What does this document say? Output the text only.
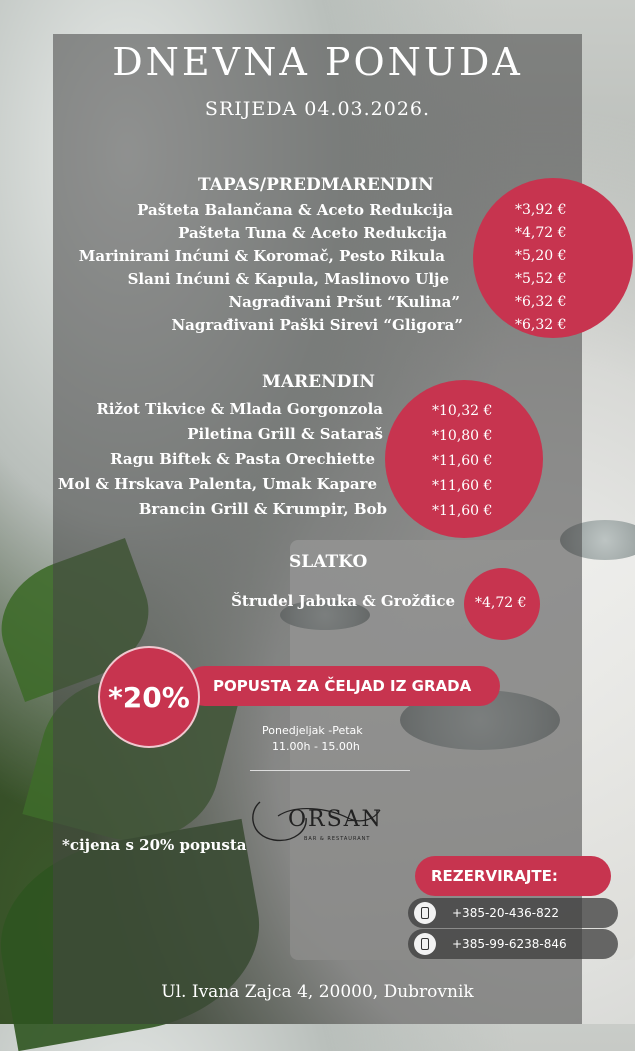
DNEVNA PONUDA
SRIJEDA 04.03.2026.
TAPAS/PREDMARENDIN
Pašteta Balančana & Aceto Redukcija
Pašteta Tuna & Aceto Redukcija
Marinirani Inćuni & Koromač, Pesto Rikula
Slani Inćuni & Kapula, Maslinovo Ulje
Nagrađivani Pršut “Kulina”
Nagrađivani Paški Sirevi “Gligora”
*3,92 €
*4,72 €
*5,20 €
*5,52 €
*6,32 €
*6,32 €
MARENDIN
Rižot Tikvice & Mlada Gorgonzola
Piletina Grill & Sataraš
Ragu Biftek & Pasta Orechiette
Mol & Hrskava Palenta, Umak Kapare
Brancin Grill & Krumpir, Bob
*10,32 €
*10,80 €
*11,60 €
*11,60 €
*11,60 €
SLATKO
Štrudel Jabuka & Grožđice *4,72 €
POPUSTA ZA ČELJAD IZ GRADA
*20%
Ponedjeljak -Petak
11.00h - 15.00h
ORSAN
BAR & RESTAURANT
*cijena s 20% popusta
REZERVIRAJTE:
+385-20-436-822
+385-99-6238-846
Ul. Ivana Zajca 4, 20000, Dubrovnik
